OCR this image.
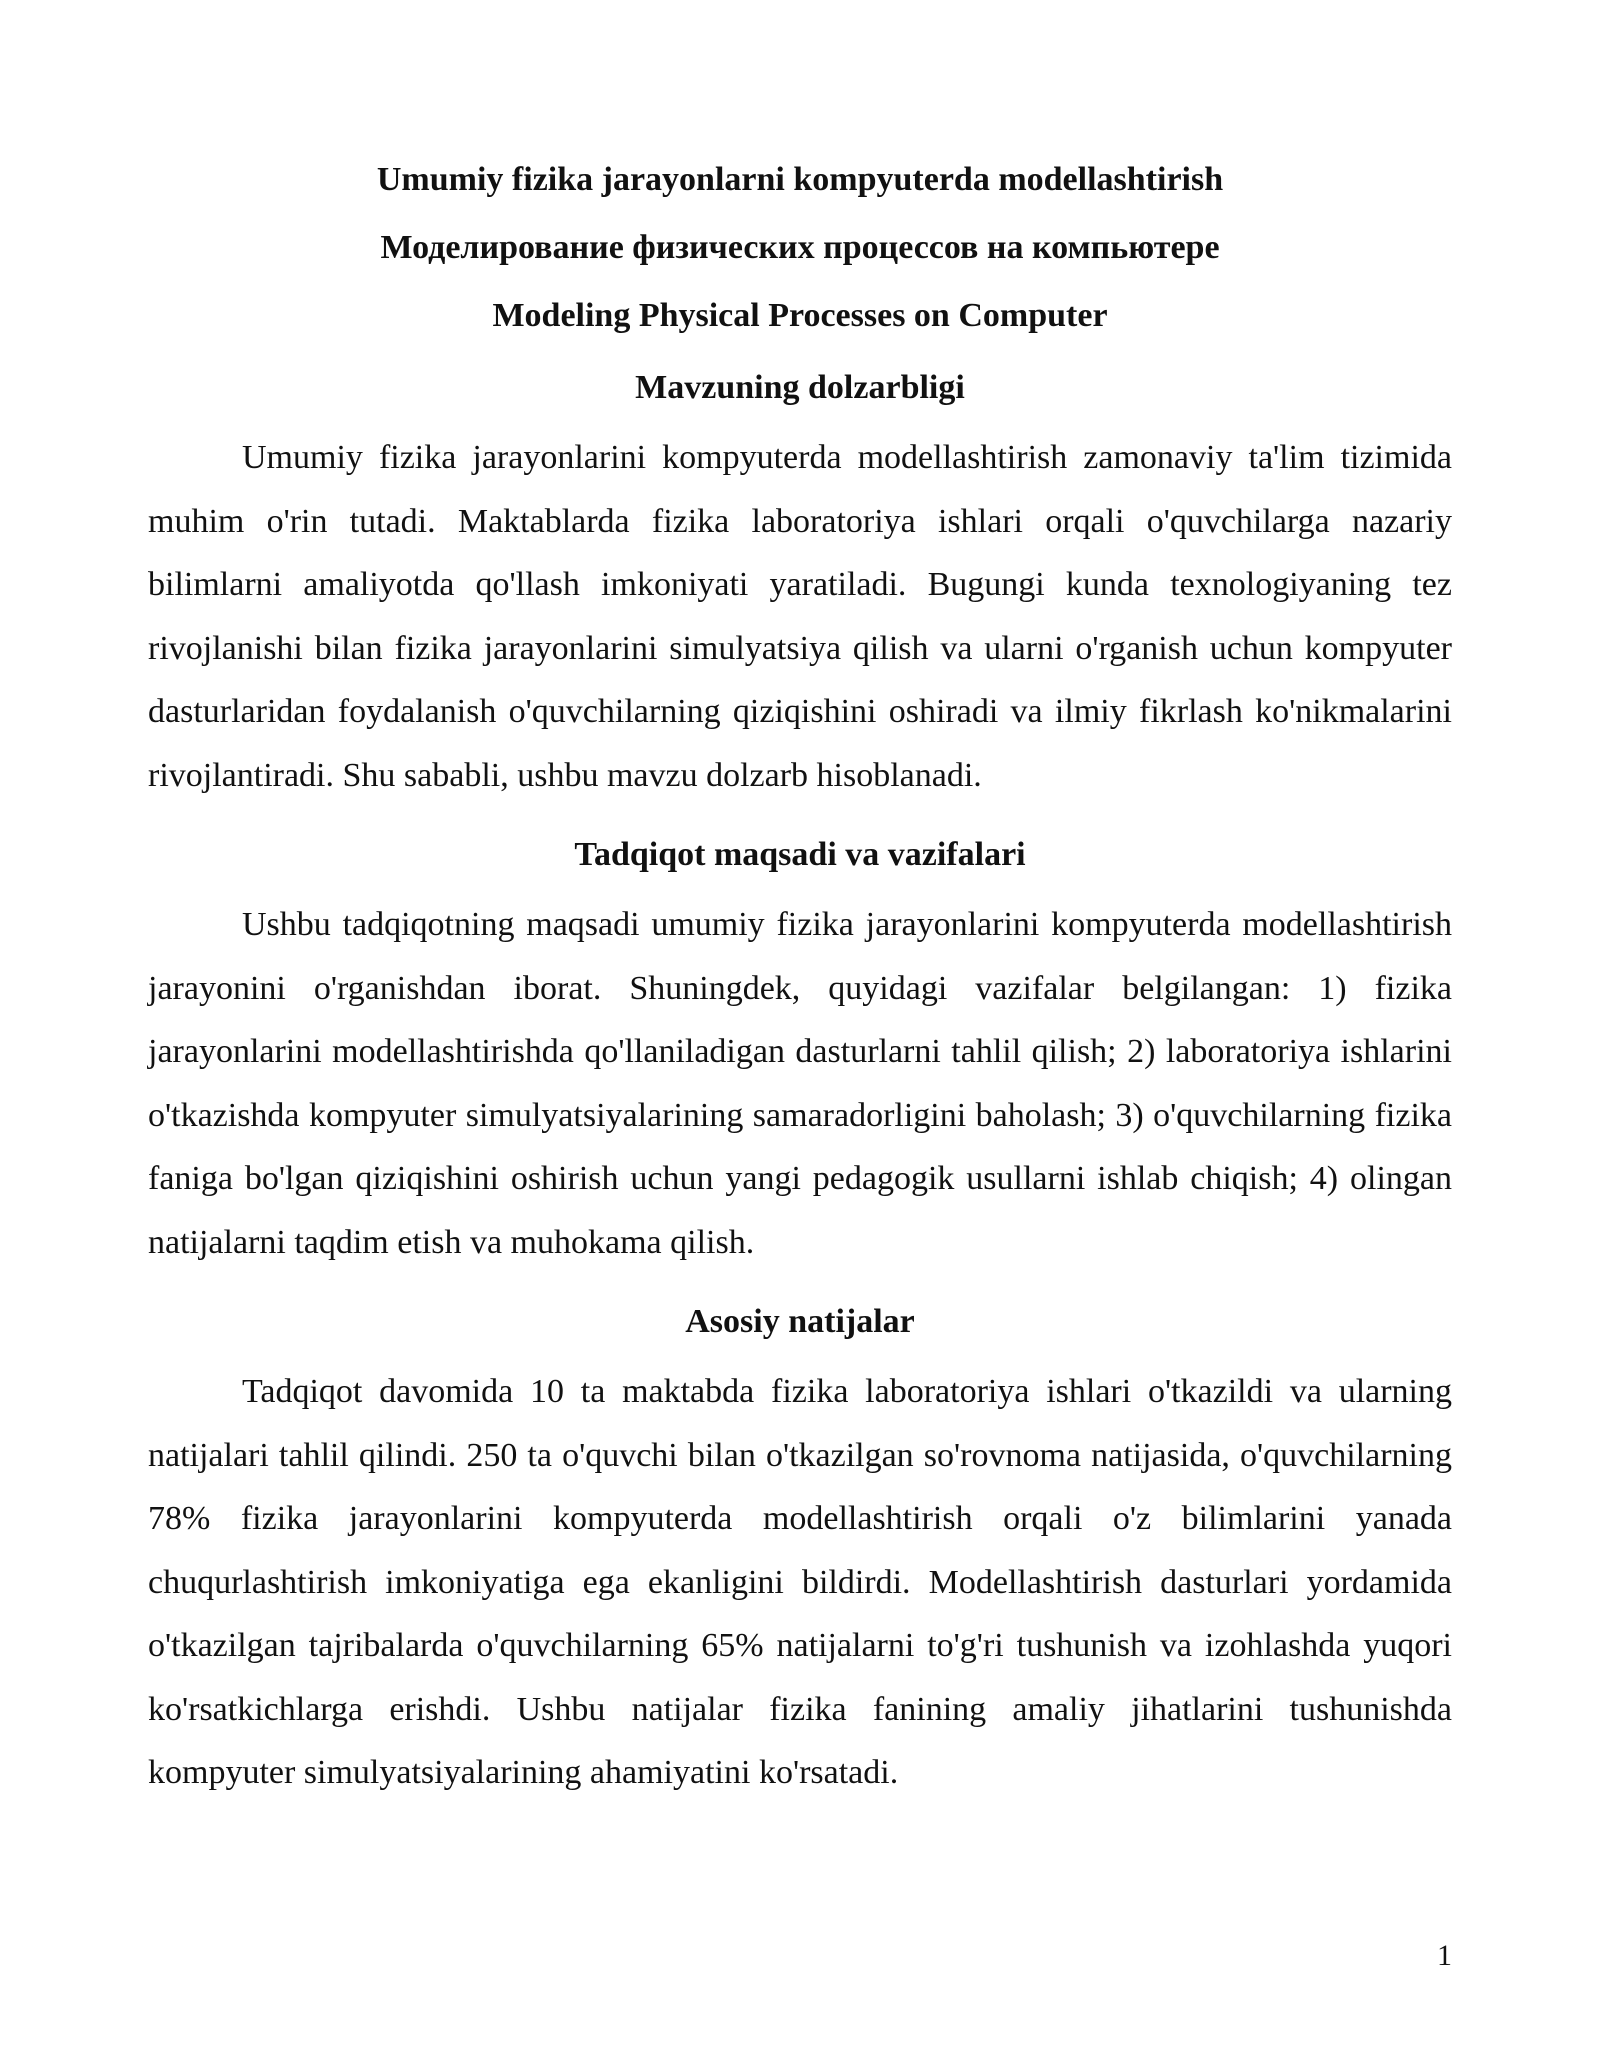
Umumiy fizika jarayonlarni kompyuterda modellashtirish

Моделирование физических процессов на компьютере

Modeling Physical Processes on Computer

Mavzuning dolzarbligi

Umumiy fizika jarayonlarini kompyuterda modellashtirish zamonaviy ta'lim tizimida muhim o'rin tutadi. Maktablarda fizika laboratoriya ishlari orqali o'quvchilarga nazariy bilimlarni amaliyotda qo'llash imkoniyati yaratiladi. Bugungi kunda texnologiyaning tez rivojlanishi bilan fizika jarayonlarini simulyatsiya qilish va ularni o'rganish uchun kompyuter dasturlaridan foydalanish o'quvchilarning qiziqishini oshiradi va ilmiy fikrlash ko'nikmalarini rivojlantiradi. Shu sababli, ushbu mavzu dolzarb hisoblanadi.

Tadqiqot maqsadi va vazifalari

Ushbu tadqiqotning maqsadi umumiy fizika jarayonlarini kompyuterda modellashtirish jarayonini o'rganishdan iborat. Shuningdek, quyidagi vazifalar belgilangan: 1) fizika jarayonlarini modellashtirishda qo'llaniladigan dasturlarni tahlil qilish; 2) laboratoriya ishlarini o'tkazishda kompyuter simulyatsiyalarining samaradorligini baholash; 3) o'quvchilarning fizika faniga bo'lgan qiziqishini oshirish uchun yangi pedagogik usullarni ishlab chiqish; 4) olingan natijalarni taqdim etish va muhokama qilish.

Asosiy natijalar

Tadqiqot davomida 10 ta maktabda fizika laboratoriya ishlari o'tkazildi va ularning natijalari tahlil qilindi. 250 ta o'quvchi bilan o'tkazilgan so'rovnoma natijasida, o'quvchilarning 78% fizika jarayonlarini kompyuterda modellashtirish orqali o'z bilimlarini yanada chuqurlashtirish imkoniyatiga ega ekanligini bildirdi. Modellashtirish dasturlari yordamida o'tkazilgan tajribalarda o'quvchilarning 65% natijalarni to'g'ri tushunish va izohlashda yuqori ko'rsatkichlarga erishdi. Ushbu natijalar fizika fanining amaliy jihatlarini tushunishda kompyuter simulyatsiyalarining ahamiyatini ko'rsatadi.

1
